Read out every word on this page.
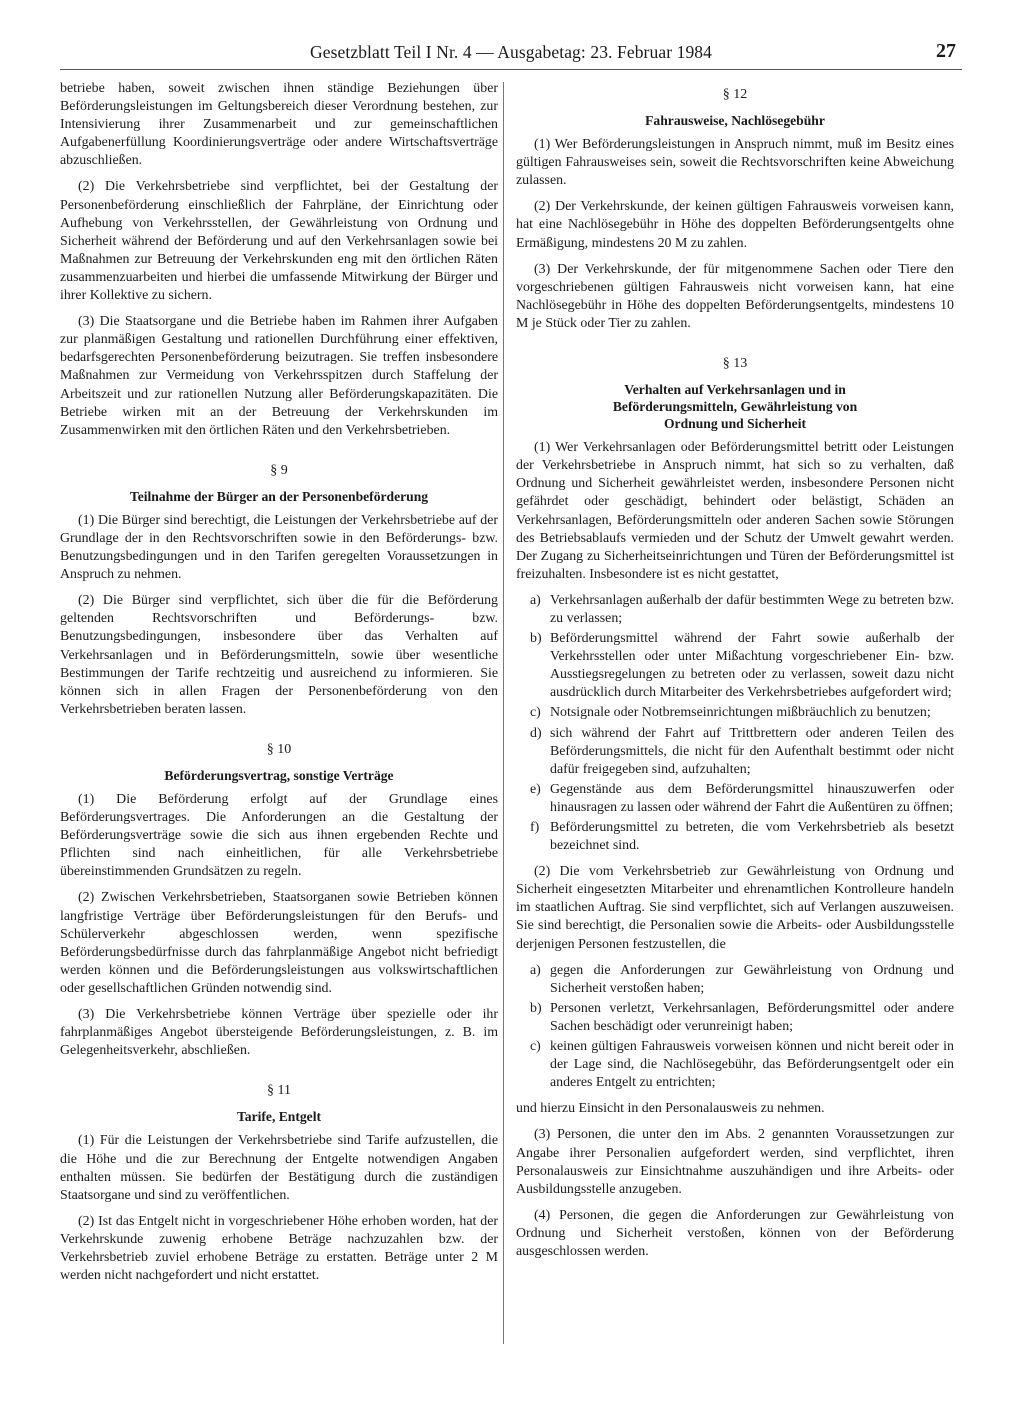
Gesetzblatt Teil I Nr. 4 — Ausgabetag: 23. Februar 1984	27

betriebe haben, soweit zwischen ihnen ständige Beziehungen über Beförderungsleistungen im Geltungsbereich dieser Verordnung bestehen, zur Intensivierung ihrer Zusammenarbeit und zur gemeinschaftlichen Aufgabenerfüllung Koordinierungsverträge oder andere Wirtschaftsverträge abzuschließen.

(2) Die Verkehrsbetriebe sind verpflichtet, bei der Gestaltung der Personenbeförderung einschließlich der Fahrpläne, der Einrichtung oder Aufhebung von Verkehrsstellen, der Gewährleistung von Ordnung und Sicherheit während der Beförderung und auf den Verkehrsanlagen sowie bei Maßnahmen zur Betreuung der Verkehrskunden eng mit den örtlichen Räten zusammenzuarbeiten und hierbei die umfassende Mitwirkung der Bürger und ihrer Kollektive zu sichern.

(3) Die Staatsorgane und die Betriebe haben im Rahmen ihrer Aufgaben zur planmäßigen Gestaltung und rationellen Durchführung einer effektiven, bedarfsgerechten Personenbeförderung beizutragen. Sie treffen insbesondere Maßnahmen zur Vermeidung von Verkehrsspitzen durch Staffelung der Arbeitszeit und zur rationellen Nutzung aller Beförderungskapazitäten. Die Betriebe wirken mit an der Betreuung der Verkehrskunden im Zusammenwirken mit den örtlichen Räten und den Verkehrsbetrieben.

§ 9
Teilnahme der Bürger an der Personenbeförderung

(1) Die Bürger sind berechtigt, die Leistungen der Verkehrsbetriebe auf der Grundlage der in den Rechtsvorschriften sowie in den Beförderungs- bzw. Benutzungsbedingungen und in den Tarifen geregelten Voraussetzungen in Anspruch zu nehmen.

(2) Die Bürger sind verpflichtet, sich über die für die Beförderung geltenden Rechtsvorschriften und Beförderungs- bzw. Benutzungsbedingungen, insbesondere über das Verhalten auf Verkehrsanlagen und in Beförderungsmitteln, sowie über wesentliche Bestimmungen der Tarife rechtzeitig und ausreichend zu informieren. Sie können sich in allen Fragen der Personenbeförderung von den Verkehrsbetrieben beraten lassen.

§ 10
Beförderungsvertrag, sonstige Verträge

(1) Die Beförderung erfolgt auf der Grundlage eines Beförderungsvertrages. Die Anforderungen an die Gestaltung der Beförderungsverträge sowie die sich aus ihnen ergebenden Rechte und Pflichten sind nach einheitlichen, für alle Verkehrsbetriebe übereinstimmenden Grundsätzen zu regeln.

(2) Zwischen Verkehrsbetrieben, Staatsorganen sowie Betrieben können langfristige Verträge über Beförderungsleistungen für den Berufs- und Schülerverkehr abgeschlossen werden, wenn spezifische Beförderungsbedürfnisse durch das fahrplanmäßige Angebot nicht befriedigt werden können und die Beförderungsleistungen aus volkswirtschaftlichen oder gesellschaftlichen Gründen notwendig sind.

(3) Die Verkehrsbetriebe können Verträge über spezielle oder ihr fahrplanmäßiges Angebot übersteigende Beförderungsleistungen, z. B. im Gelegenheitsverkehr, abschließen.

§ 11
Tarife, Entgelt

(1) Für die Leistungen der Verkehrsbetriebe sind Tarife aufzustellen, die die Höhe und die zur Berechnung der Entgelte notwendigen Angaben enthalten müssen. Sie bedürfen der Bestätigung durch die zuständigen Staatsorgane und sind zu veröffentlichen.

(2) Ist das Entgelt nicht in vorgeschriebener Höhe erhoben worden, hat der Verkehrskunde zuwenig erhobene Beträge nachzuzahlen bzw. der Verkehrsbetrieb zuviel erhobene Beträge zu erstatten. Beträge unter 2 M werden nicht nachgefordert und nicht erstattet.

§ 12
Fahrausweise, Nachlösegebühr

(1) Wer Beförderungsleistungen in Anspruch nimmt, muß im Besitz eines gültigen Fahrausweises sein, soweit die Rechtsvorschriften keine Abweichung zulassen.

(2) Der Verkehrskunde, der keinen gültigen Fahrausweis vorweisen kann, hat eine Nachlösegebühr in Höhe des doppelten Beförderungsentgelts ohne Ermäßigung, mindestens 20 M zu zahlen.

(3) Der Verkehrskunde, der für mitgenommene Sachen oder Tiere den vorgeschriebenen gültigen Fahrausweis nicht vorweisen kann, hat eine Nachlösegebühr in Höhe des doppelten Beförderungsentgelts, mindestens 10 M je Stück oder Tier zu zahlen.

§ 13
Verhalten auf Verkehrsanlagen und in
Beförderungsmitteln, Gewährleistung von
Ordnung und Sicherheit

(1) Wer Verkehrsanlagen oder Beförderungsmittel betritt oder Leistungen der Verkehrsbetriebe in Anspruch nimmt, hat sich so zu verhalten, daß Ordnung und Sicherheit gewährleistet werden, insbesondere Personen nicht gefährdet oder geschädigt, behindert oder belästigt, Schäden an Verkehrsanlagen, Beförderungsmitteln oder anderen Sachen sowie Störungen des Betriebsablaufs vermieden und der Schutz der Umwelt gewahrt werden. Der Zugang zu Sicherheitseinrichtungen und Türen der Beförderungsmittel ist freizuhalten. Insbesondere ist es nicht gestattet,

a) Verkehrsanlagen außerhalb der dafür bestimmten Wege zu betreten bzw. zu verlassen;
b) Beförderungsmittel während der Fahrt sowie außerhalb der Verkehrsstellen oder unter Mißachtung vorgeschriebener Ein- bzw. Ausstiegsregelungen zu betreten oder zu verlassen, soweit dazu nicht ausdrücklich durch Mitarbeiter des Verkehrsbetriebes aufgefordert wird;
c) Notsignale oder Notbremseinrichtungen mißbräuchlich zu benutzen;
d) sich während der Fahrt auf Trittbrettern oder anderen Teilen des Beförderungsmittels, die nicht für den Aufenthalt bestimmt oder nicht dafür freigegeben sind, aufzuhalten;
e) Gegenstände aus dem Beförderungsmittel hinauszuwerfen oder hinausragen zu lassen oder während der Fahrt die Außentüren zu öffnen;
f) Beförderungsmittel zu betreten, die vom Verkehrsbetrieb als besetzt bezeichnet sind.

(2) Die vom Verkehrsbetrieb zur Gewährleistung von Ordnung und Sicherheit eingesetzten Mitarbeiter und ehrenamtlichen Kontrolleure handeln im staatlichen Auftrag. Sie sind verpflichtet, sich auf Verlangen auszuweisen. Sie sind berechtigt, die Personalien sowie die Arbeits- oder Ausbildungsstelle derjenigen Personen festzustellen, die

a) gegen die Anforderungen zur Gewährleistung von Ordnung und Sicherheit verstoßen haben;
b) Personen verletzt, Verkehrsanlagen, Beförderungsmittel oder andere Sachen beschädigt oder verunreinigt haben;
c) keinen gültigen Fahrausweis vorweisen können und nicht bereit oder in der Lage sind, die Nachlösegebühr, das Beförderungsentgelt oder ein anderes Entgelt zu entrichten;

und hierzu Einsicht in den Personalausweis zu nehmen.

(3) Personen, die unter den im Abs. 2 genannten Voraussetzungen zur Angabe ihrer Personalien aufgefordert werden, sind verpflichtet, ihren Personalausweis zur Einsichtnahme auszuhändigen und ihre Arbeits- oder Ausbildungsstelle anzugeben.

(4) Personen, die gegen die Anforderungen zur Gewährleistung von Ordnung und Sicherheit verstoßen, können von der Beförderung ausgeschlossen werden.
